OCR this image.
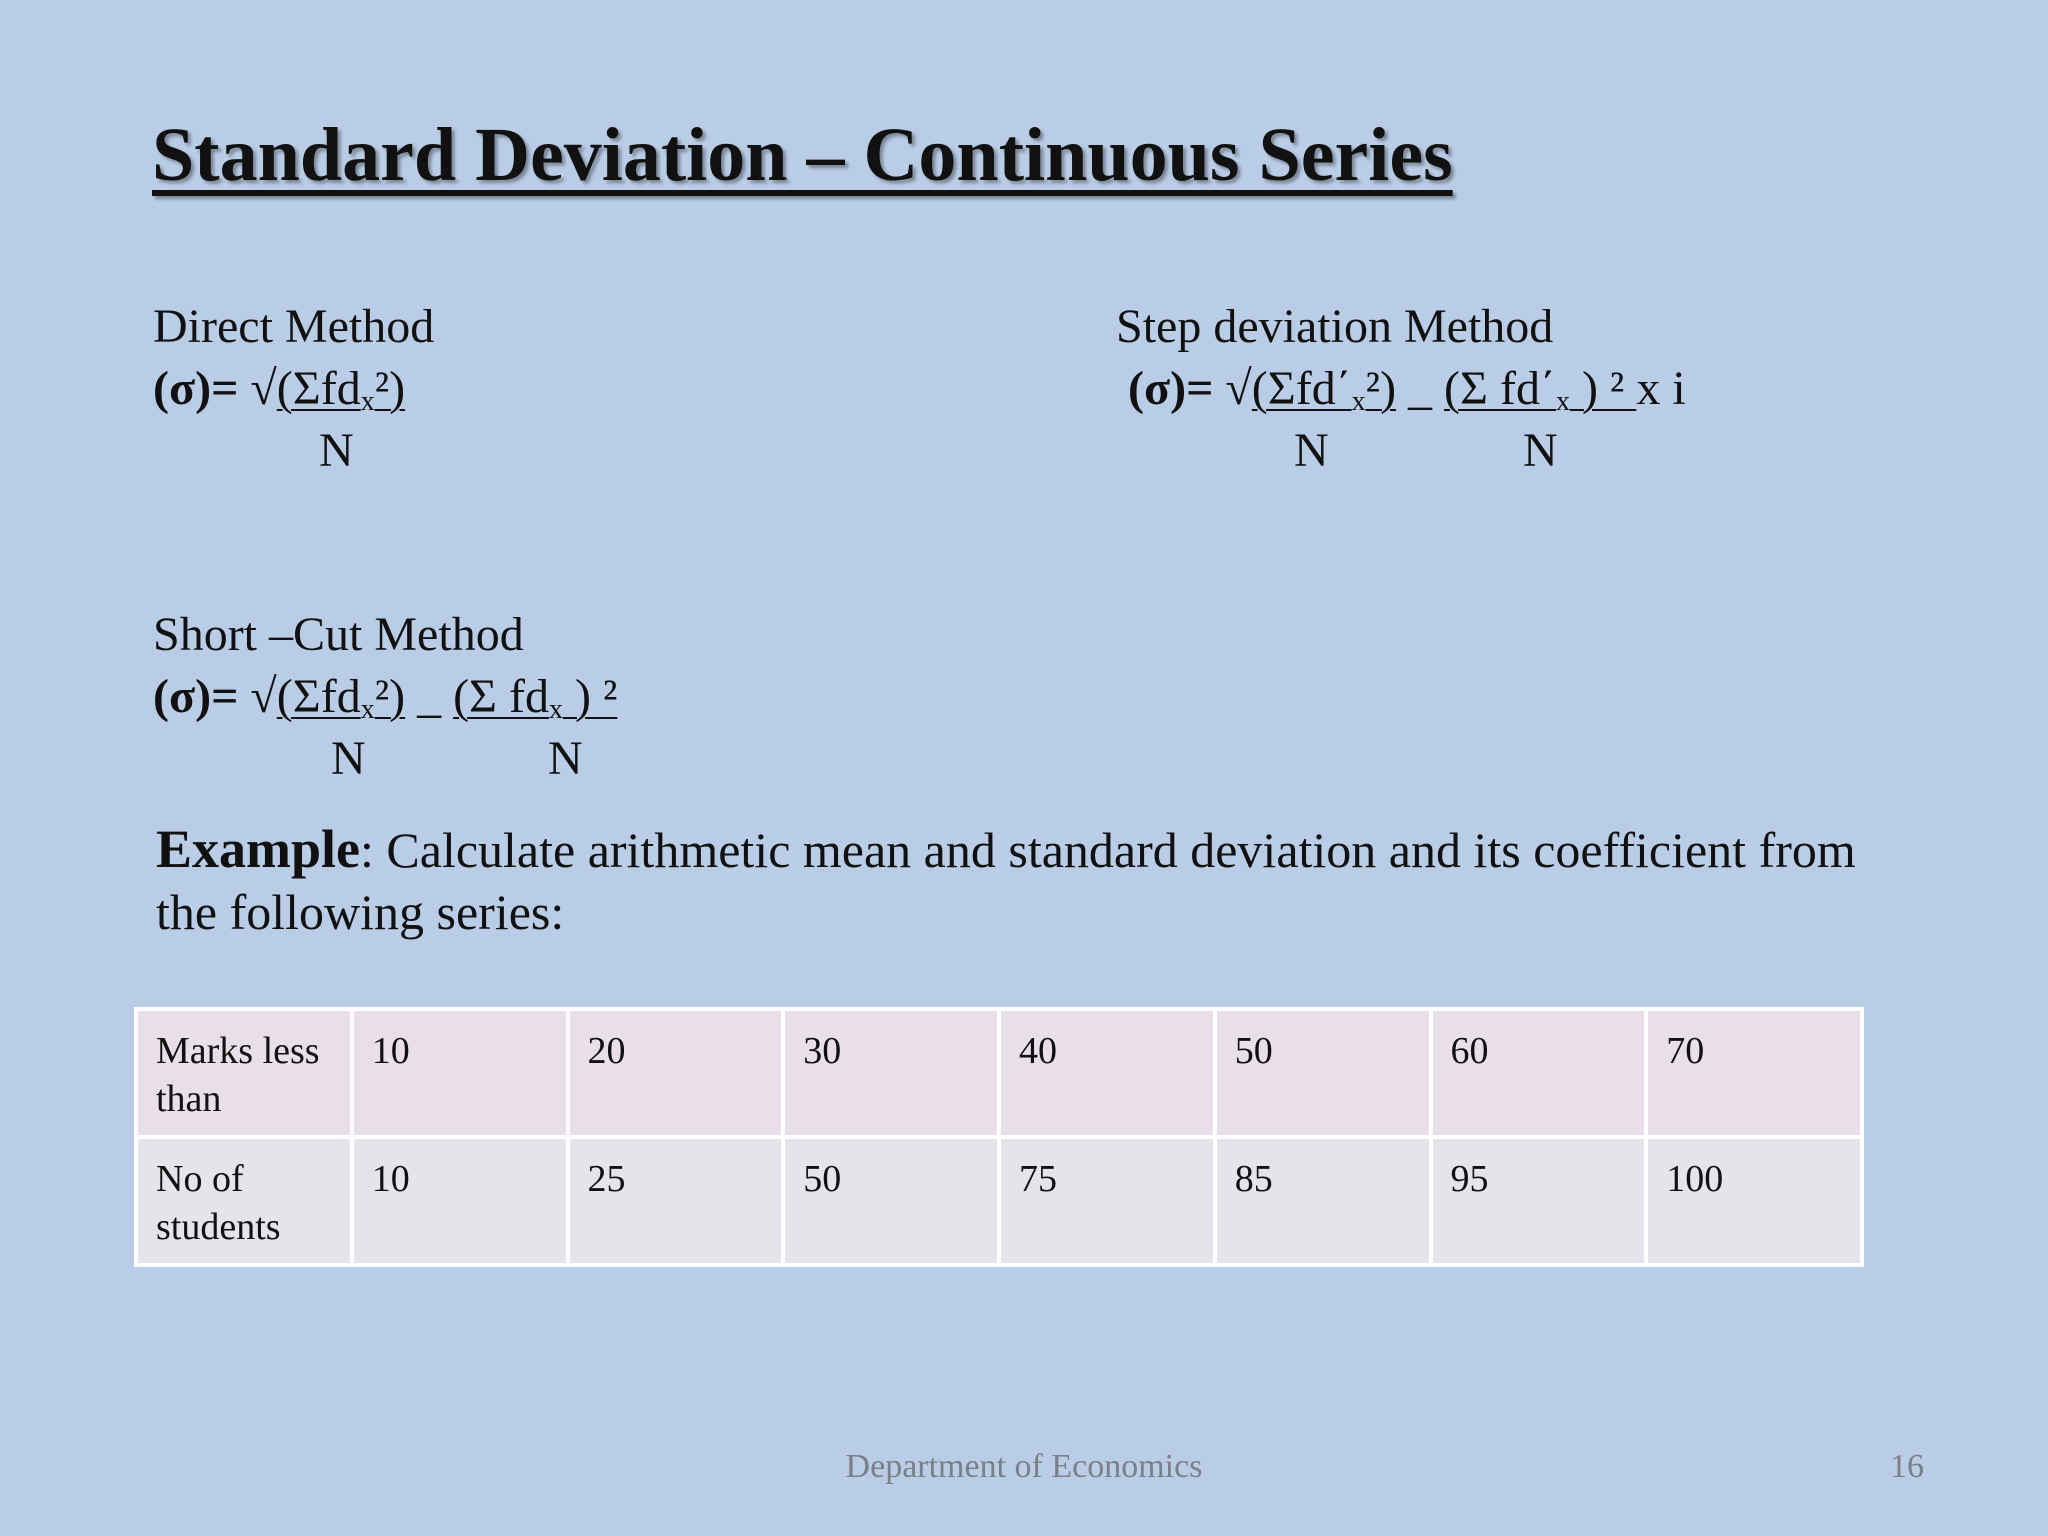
Standard Deviation – Continuous Series
Direct Method
(σ)= √(Σfd$_x$²)
N
Step deviation Method
$(\sigma)= √(\Sigma fd΄_x^2)$ _ (Σ $fd΄_x$ ) ² x i
N	N
Short –Cut Method
(σ)= √(Σfd$_x$²) _ (Σ $fd_x$ ) ²
N	N
Example: Calculate arithmetic mean and standard deviation and its coefficient from the following series:
Marks less than	10	20	30	40	50	60	70
No of students	10	25	50	75	85	95	100
Department of Economics	16
